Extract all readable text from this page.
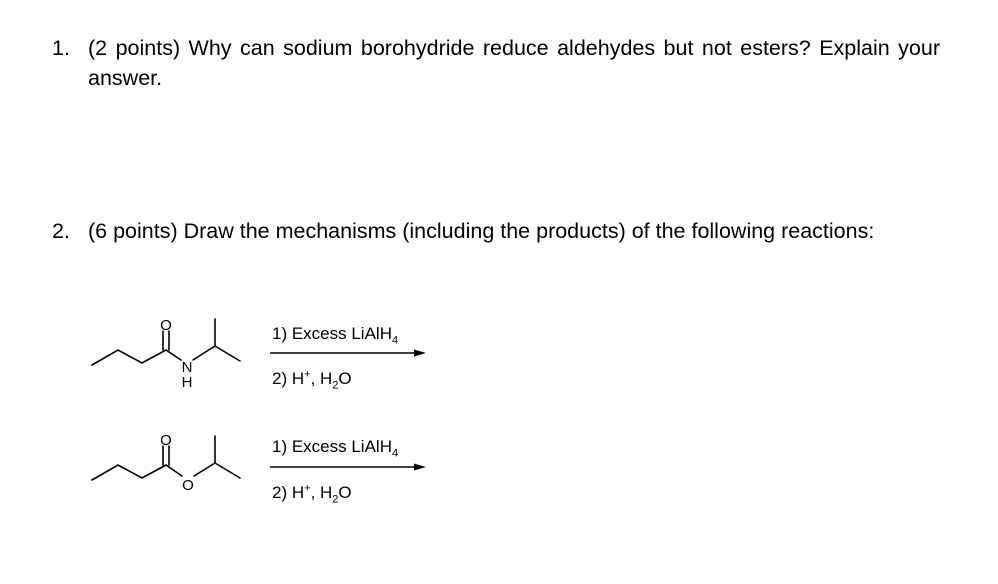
1. (2 points) Why can sodium borohydride reduce aldehydes but not esters? Explain your answer.
2. (6 points) Draw the mechanisms (including the products) of the following reactions:
O
N
H
O
O
1) Excess LiAlH$_4$
2) H+, $H_2O$
1) Excess LiAlH$_4$
2) H+, $H_2O$
